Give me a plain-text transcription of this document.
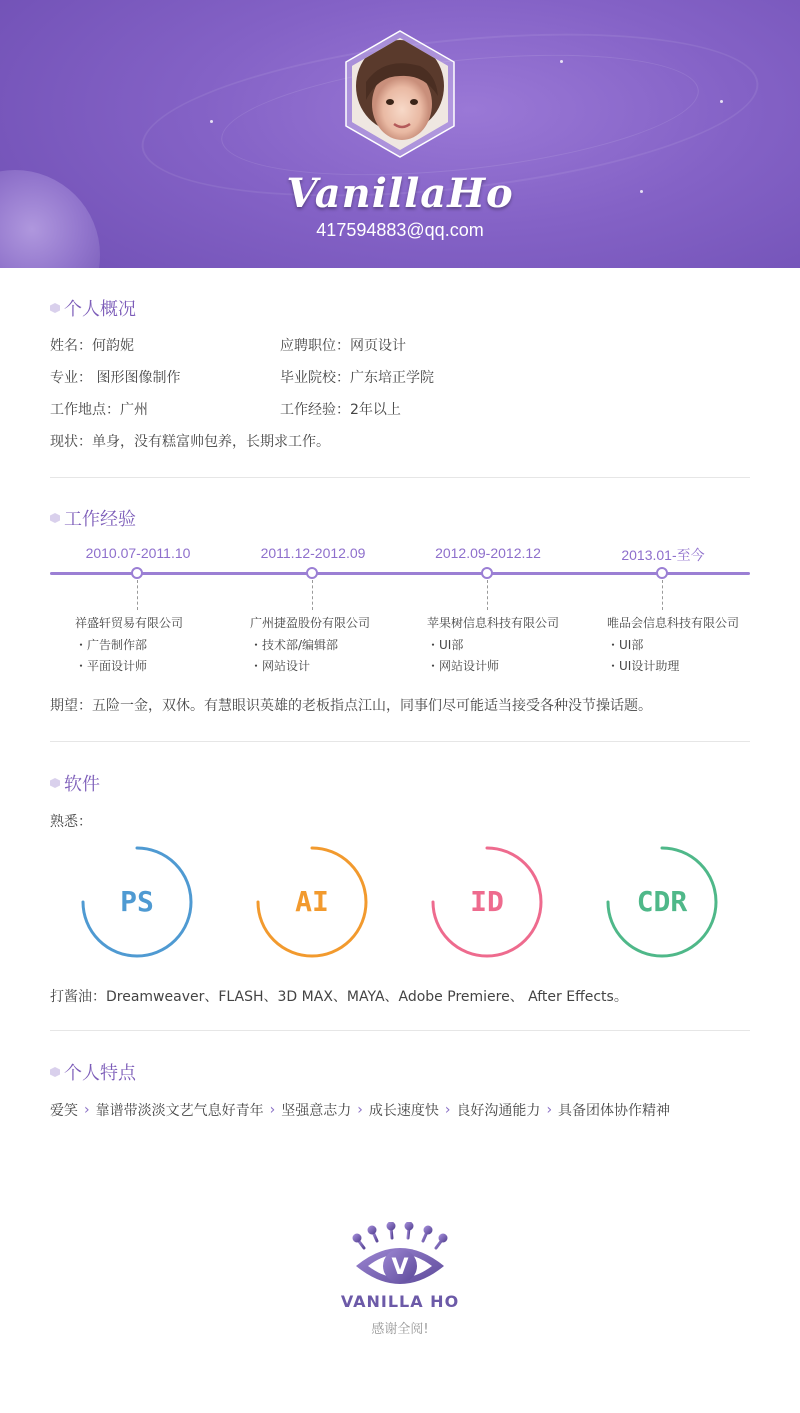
VanillaHo
417594883@qq.com
个人概况
姓名：何韵妮	应聘职位：网页设计
专业： 图形图像制作	毕业院校：广东培正学院
工作地点：广州	工作经验：2年以上
现状：单身，没有糕富帅包养，长期求工作。
工作经验
2010.07-2011.10
祥盛轩贸易有限公司
・广告制作部
・平面设计师
2011.12-2012.09
广州捷盈股份有限公司
・技术部/编辑部
・网站设计
2012.09-2012.12
苹果树信息科技有限公司
・UI部
・网站设计师
2013.01-至今
唯品会信息科技有限公司
・UI部
・UI设计助理
期望：五险一金，双休。有慧眼识英雄的老板指点江山，同事们尽可能适当接受各种没节操话题。
软件
熟悉：
PS	AI	ID	CDR
打酱油：Dreamweaver、FLASH、3D MAX、MAYA、Adobe Premiere、 After Effects。
个人特点
爱笑 › 靠谱带淡淡文艺气息好青年 › 坚强意志力 › 成长速度快 › 良好沟通能力 › 具备团体协作精神
V
VANILLA HO
感谢全阅!
